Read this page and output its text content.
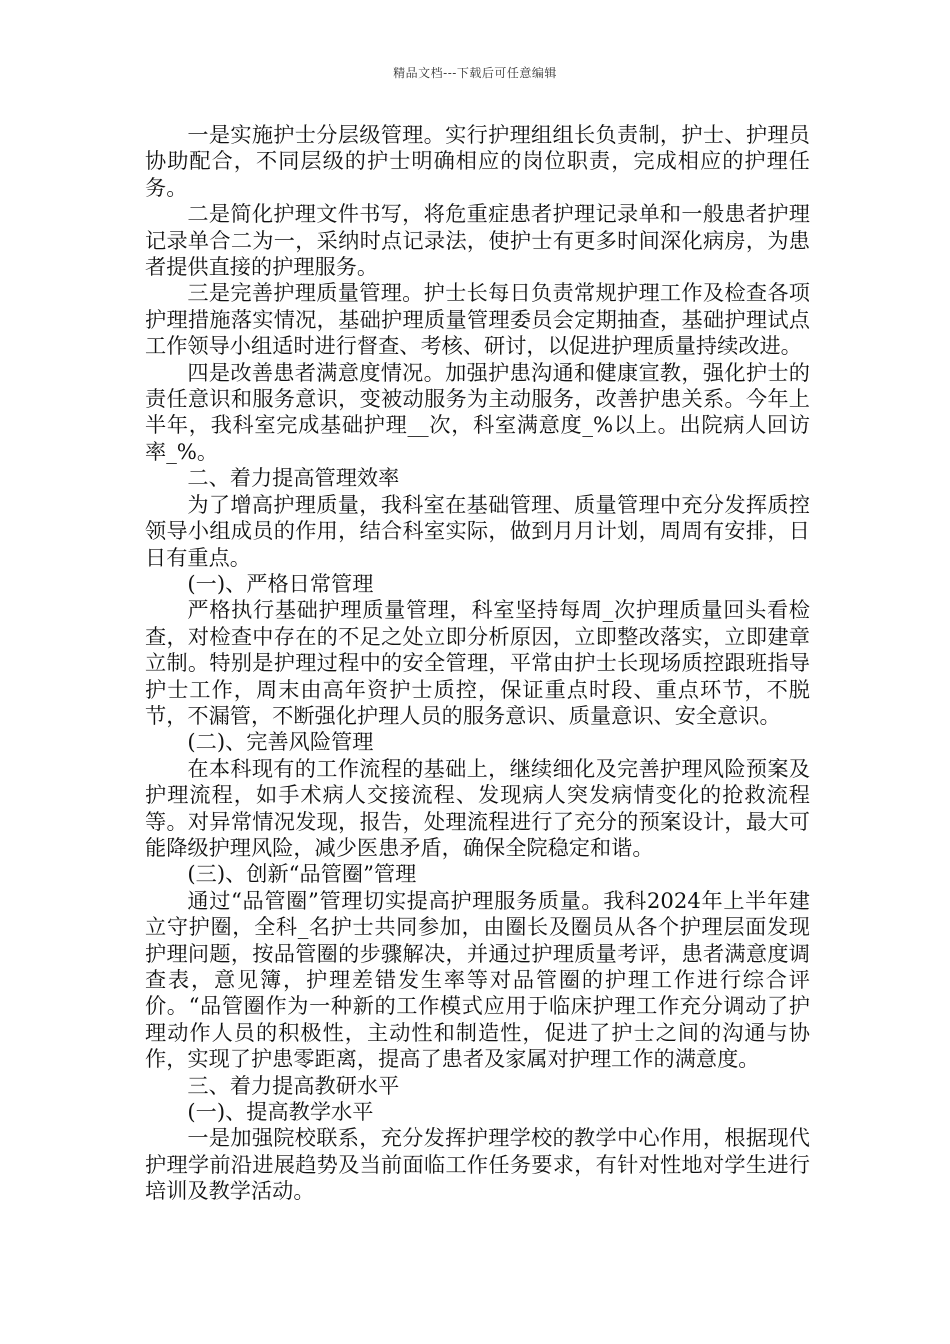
精品文档---下载后可任意编辑

一是实施护士分层级管理。实行护理组组长负责制，护士、护理员协助配合，不同层级的护士明确相应的岗位职责，完成相应的护理任务。

二是简化护理文件书写，将危重症患者护理记录单和一般患者护理记录单合二为一，采纳时点记录法，使护士有更多时间深化病房，为患者提供直接的护理服务。

三是完善护理质量管理。护士长每日负责常规护理工作及检查各项护理措施落实情况，基础护理质量管理委员会定期抽查，基础护理试点工作领导小组适时进行督查、考核、研讨，以促进护理质量持续改进。

四是改善患者满意度情况。加强护患沟通和健康宣教，强化护士的责任意识和服务意识，变被动服务为主动服务，改善护患关系。今年上半年，我科室完成基础护理__次，科室满意度_%以上。出院病人回访率_%。

二、着力提高管理效率

为了增高护理质量，我科室在基础管理、质量管理中充分发挥质控领导小组成员的作用，结合科室实际，做到月月计划，周周有安排，日日有重点。

(一)、严格日常管理

严格执行基础护理质量管理，科室坚持每周_次护理质量回头看检查，对检查中存在的不足之处立即分析原因，立即整改落实，立即建章立制。特别是护理过程中的安全管理，平常由护士长现场质控跟班指导护士工作，周末由高年资护士质控，保证重点时段、重点环节，不脱节，不漏管，不断强化护理人员的服务意识、质量意识、安全意识。

(二)、完善风险管理

在本科现有的工作流程的基础上，继续细化及完善护理风险预案及护理流程，如手术病人交接流程、发现病人突发病情变化的抢救流程等。对异常情况发现，报告，处理流程进行了充分的预案设计，最大可能降级护理风险，减少医患矛盾，确保全院稳定和谐。

(三)、创新“品管圈”管理

通过“品管圈”管理切实提高护理服务质量。我科2024年上半年建立守护圈，全科_名护士共同参加，由圈长及圈员从各个护理层面发现护理问题，按品管圈的步骤解决，并通过护理质量考评，患者满意度调查表，意见簿，护理差错发生率等对品管圈的护理工作进行综合评价。“品管圈作为一种新的工作模式应用于临床护理工作充分调动了护理动作人员的积极性，主动性和制造性，促进了护士之间的沟通与协作，实现了护患零距离，提高了患者及家属对护理工作的满意度。

三、着力提高教研水平

(一)、提高教学水平

一是加强院校联系，充分发挥护理学校的教学中心作用，根据现代护理学前沿进展趋势及当前面临工作任务要求，有针对性地对学生进行培训及教学活动。
